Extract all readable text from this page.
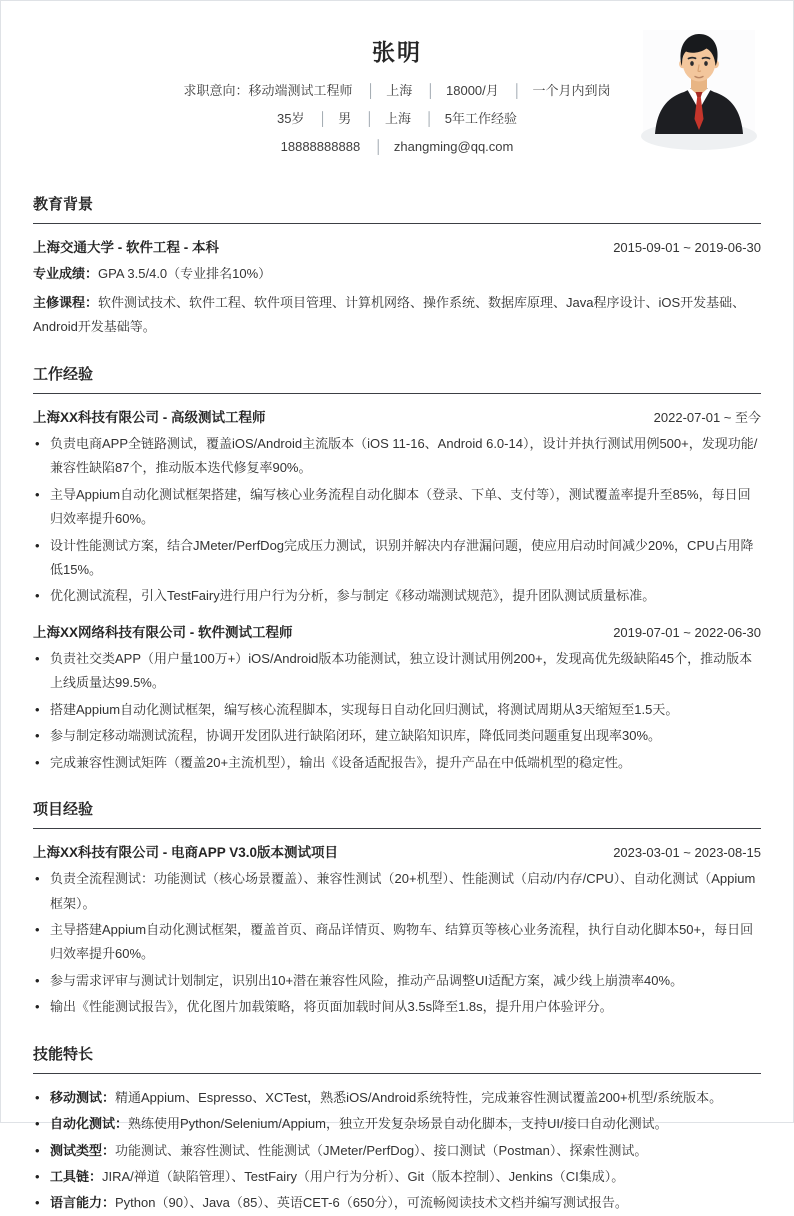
张明

求职意向：移动端测试工程师 │ 上海 │ 18000/月 │ 一个月内到岗

35岁 │ 男 │ 上海 │ 5年工作经验

18888888888 │ zhangming@qq.com

教育背景
上海交通大学 - 软件工程 - 本科	2015-09-01 ~ 2019-06-30

专业成绩：GPA 3.5/4.0（专业排名10%）

主修课程：软件测试技术、软件工程、软件项目管理、计算机网络、操作系统、数据库原理、Java程序设计、iOS开发基础、Android开发基础等。

工作经验
上海XX科技有限公司 - 高级测试工程师	2022-07-01 ~ 至今
• 负责电商APP全链路测试，覆盖iOS/Android主流版本（iOS 11-16、Android 6.0-14），设计并执行测试用例500+，发现功能/兼容性缺陷87个，推动版本迭代修复率90%。
• 主导Appium自动化测试框架搭建，编写核心业务流程自动化脚本（登录、下单、支付等），测试覆盖率提升至85%，每日回归效率提升60%。
• 设计性能测试方案，结合JMeter/PerfDog完成压力测试，识别并解决内存泄漏问题，使应用启动时间减少20%，CPU占用降低15%。
• 优化测试流程，引入TestFairy进行用户行为分析，参与制定《移动端测试规范》，提升团队测试质量标准。
上海XX网络科技有限公司 - 软件测试工程师	2019-07-01 ~ 2022-06-30
• 负责社交类APP（用户量100万+）iOS/Android版本功能测试，独立设计测试用例200+，发现高优先级缺陷45个，推动版本上线质量达99.5%。
• 搭建Appium自动化测试框架，编写核心流程脚本，实现每日自动化回归测试，将测试周期从3天缩短至1.5天。
• 参与制定移动端测试流程，协调开发团队进行缺陷闭环，建立缺陷知识库，降低同类问题重复出现率30%。
• 完成兼容性测试矩阵（覆盖20+主流机型），输出《设备适配报告》，提升产品在中低端机型的稳定性。
项目经验
上海XX科技有限公司 - 电商APP V3.0版本测试项目	2023-03-01 ~ 2023-08-15
• 负责全流程测试：功能测试（核心场景覆盖）、兼容性测试（20+机型）、性能测试（启动/内存/CPU）、自动化测试（Appium框架）。
• 主导搭建Appium自动化测试框架，覆盖首页、商品详情页、购物车、结算页等核心业务流程，执行自动化脚本50+，每日回归效率提升60%。
• 参与需求评审与测试计划制定，识别出10+潜在兼容性风险，推动产品调整UI适配方案，减少线上崩溃率40%。
• 输出《性能测试报告》，优化图片加载策略，将页面加载时间从3.5s降至1.8s，提升用户体验评分。
技能特长
• 移动测试：精通Appium、Espresso、XCTest，熟悉iOS/Android系统特性，完成兼容性测试覆盖200+机型/系统版本。
• 自动化测试：熟练使用Python/Selenium/Appium，独立开发复杂场景自动化脚本，支持UI/接口自动化测试。
• 测试类型：功能测试、兼容性测试、性能测试（JMeter/PerfDog）、接口测试（Postman）、探索性测试。
• 工具链：JIRA/禅道（缺陷管理）、TestFairy（用户行为分析）、Git（版本控制）、Jenkins（CI集成）。
• 语言能力：Python（90）、Java（85）、英语CET-6（650分），可流畅阅读技术文档并编写测试报告。
